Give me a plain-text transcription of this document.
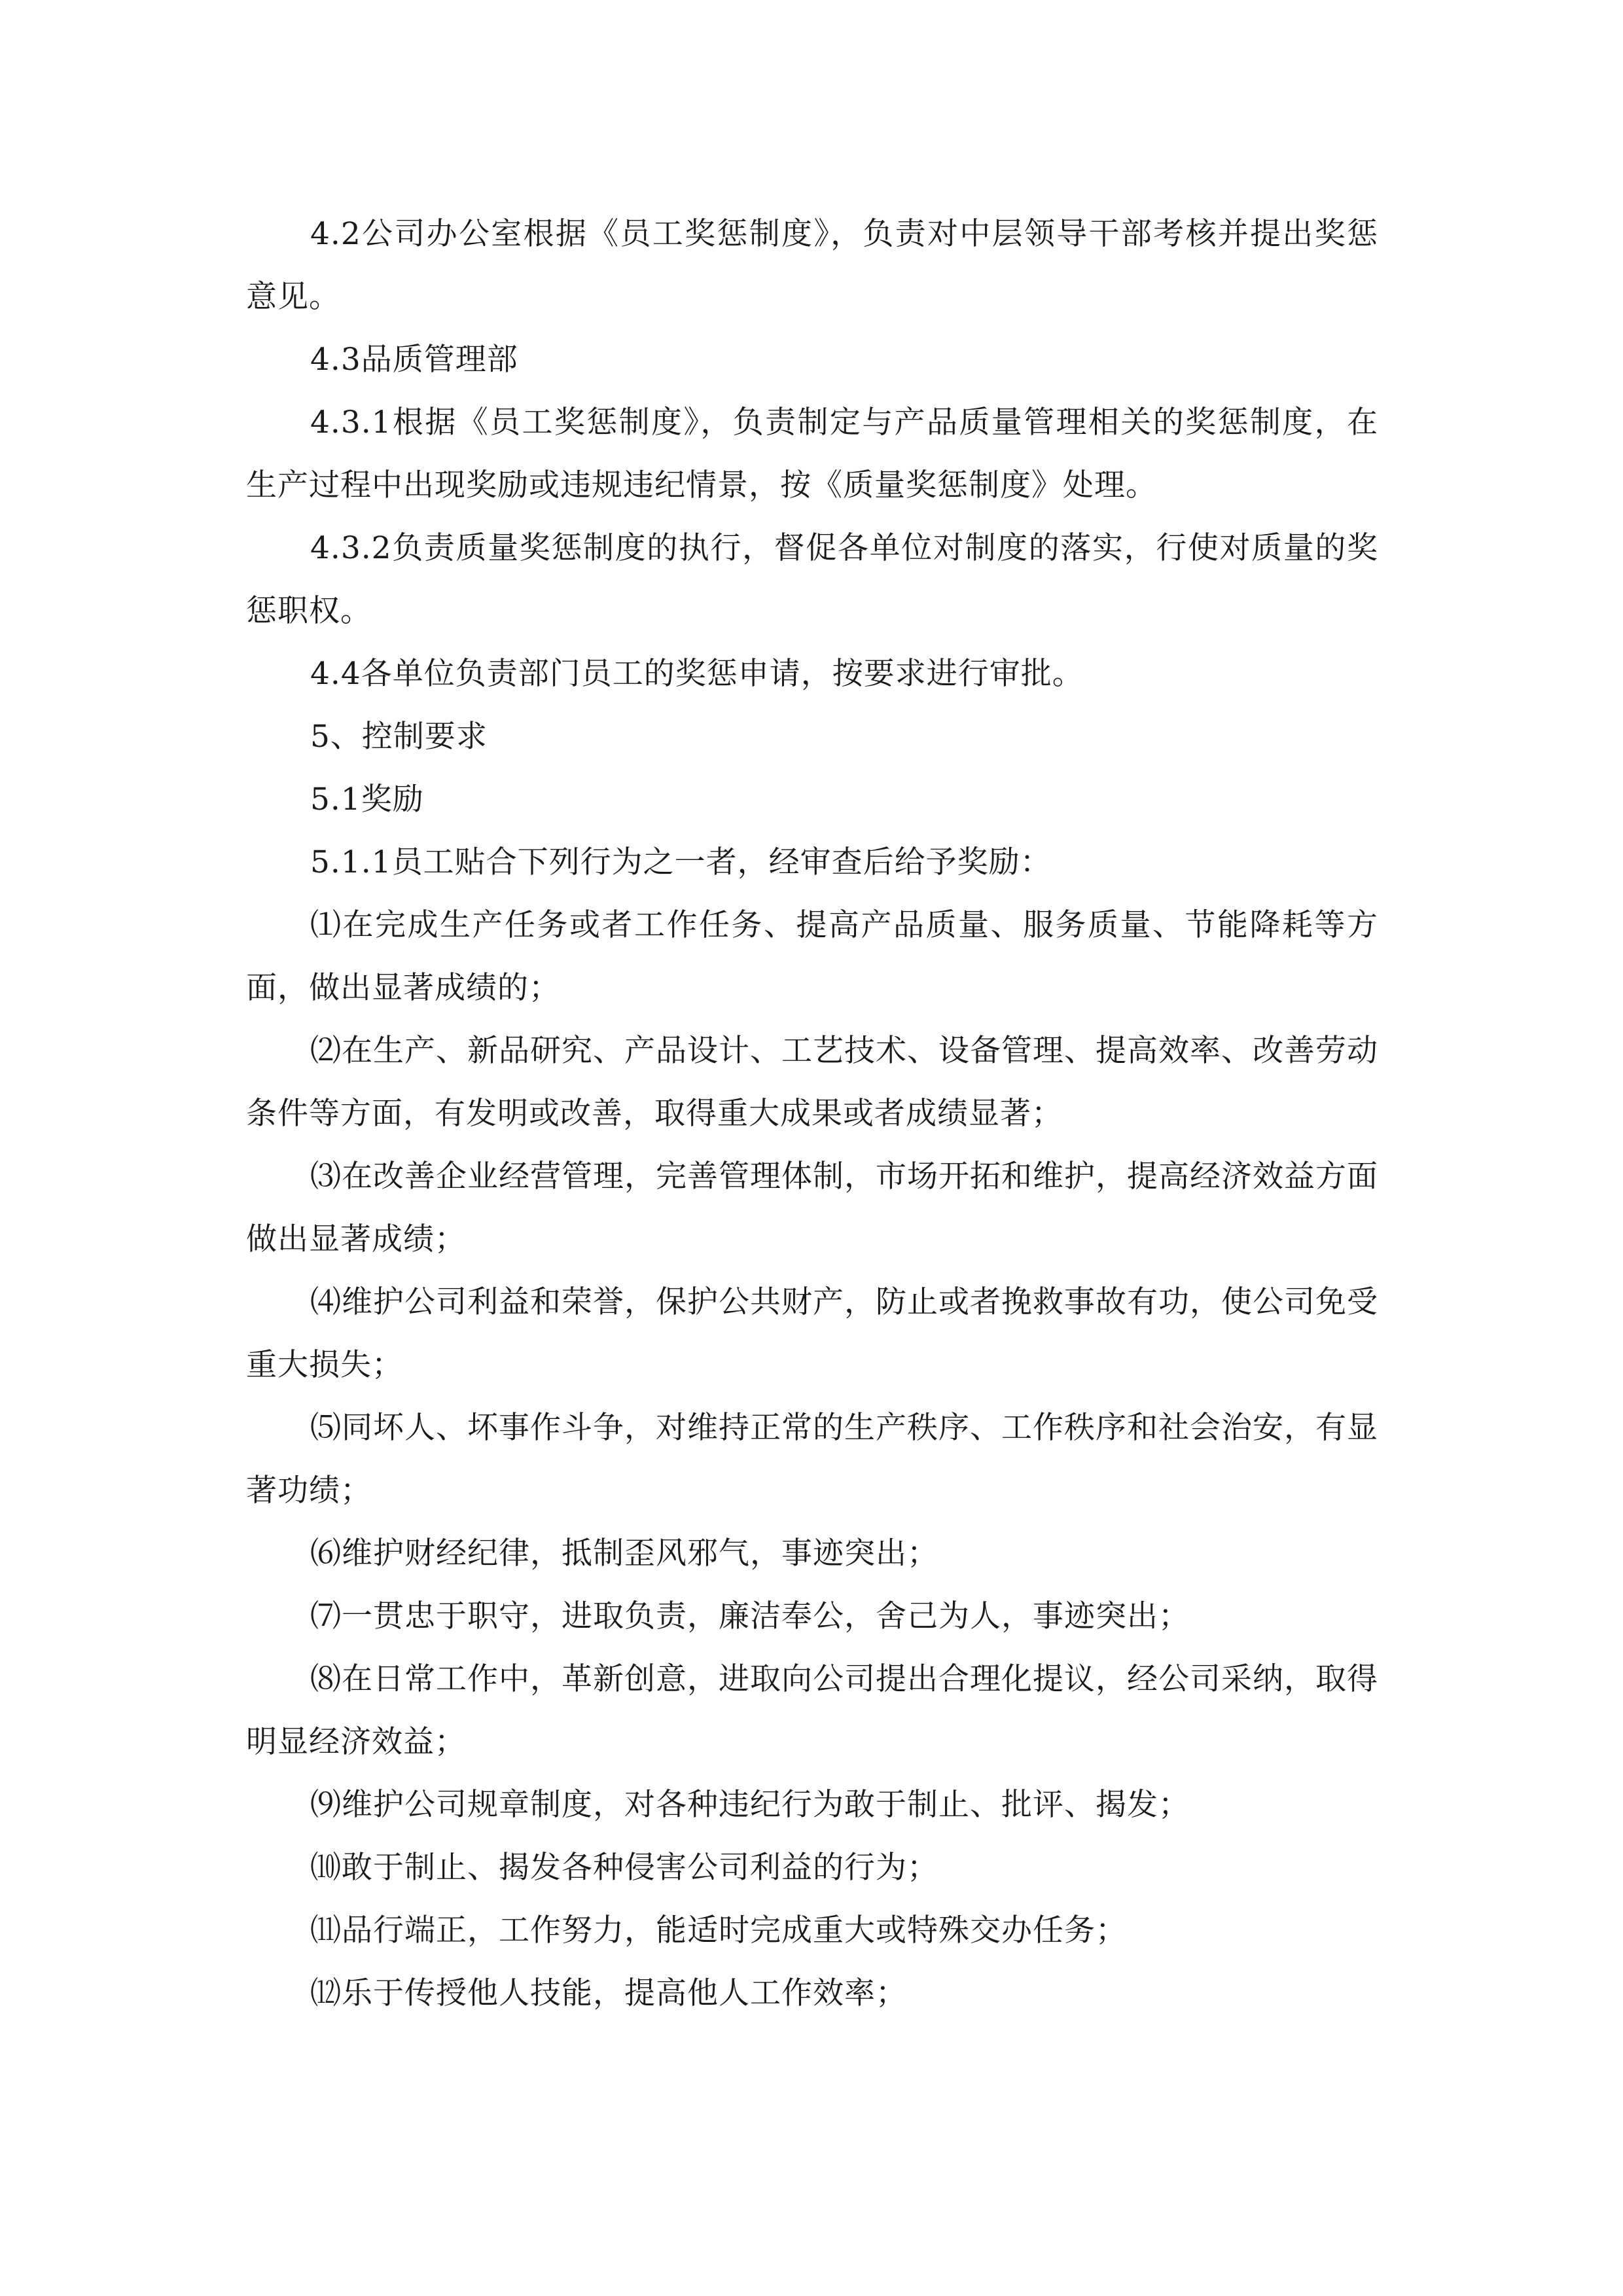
4.2公司办公室根据《员工奖惩制度》，负责对中层领导干部考核并提出奖惩意见。

4.3品质管理部

4.3.1根据《员工奖惩制度》，负责制定与产品质量管理相关的奖惩制度，在生产过程中出现奖励或违规违纪情景，按《质量奖惩制度》处理。

4.3.2负责质量奖惩制度的执行，督促各单位对制度的落实，行使对质量的奖惩职权。

4.4各单位负责部门员工的奖惩申请，按要求进行审批。

5、控制要求

5.1奖励

5.1.1员工贴合下列行为之一者，经审查后给予奖励：

⑴在完成生产任务或者工作任务、提高产品质量、服务质量、节能降耗等方面，做出显著成绩的；

⑵在生产、新品研究、产品设计、工艺技术、设备管理、提高效率、改善劳动条件等方面，有发明或改善，取得重大成果或者成绩显著；

⑶在改善企业经营管理，完善管理体制，市场开拓和维护，提高经济效益方面做出显著成绩；

⑷维护公司利益和荣誉，保护公共财产，防止或者挽救事故有功，使公司免受重大损失；

⑸同坏人、坏事作斗争，对维持正常的生产秩序、工作秩序和社会治安，有显著功绩；

⑹维护财经纪律，抵制歪风邪气，事迹突出；

⑺一贯忠于职守，进取负责，廉洁奉公，舍己为人，事迹突出；

⑻在日常工作中，革新创意，进取向公司提出合理化提议，经公司采纳，取得明显经济效益；

⑼维护公司规章制度，对各种违纪行为敢于制止、批评、揭发；

⑽敢于制止、揭发各种侵害公司利益的行为；

⑾品行端正，工作努力，能适时完成重大或特殊交办任务；

⑿乐于传授他人技能，提高他人工作效率；
